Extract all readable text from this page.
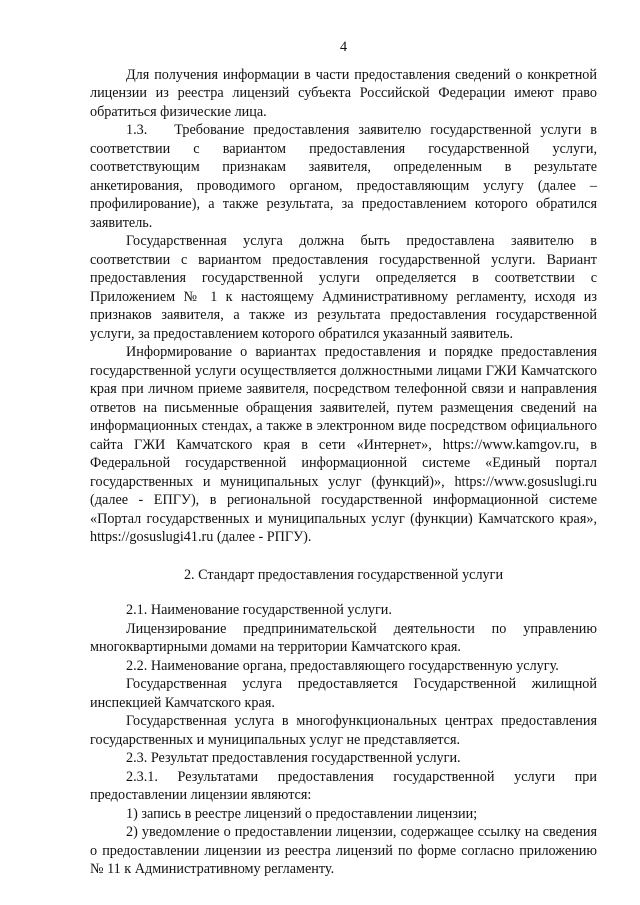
4

Для получения информации в части предоставления сведений о конкретной лицензии из реестра лицензий субъекта Российской Федерации имеют право обратиться физические лица.

1.3.   Требование предоставления заявителю государственной услуги в соответствии с вариантом предоставления государственной услуги, соответствующим признакам заявителя, определенным в результате анкетирования, проводимого органом, предоставляющим услугу (далее – профилирование), а также результата, за предоставлением которого обратился заявитель.

Государственная услуга должна быть предоставлена заявителю в соответствии с вариантом предоставления государственной услуги. Вариант предоставления государственной услуги определяется в соответствии с Приложением № 1 к настоящему Административному регламенту, исходя из признаков заявителя, а также из результата предоставления государственной услуги, за предоставлением которого обратился указанный заявитель.

Информирование о вариантах предоставления и порядке предоставления государственной услуги осуществляется должностными лицами ГЖИ Камчатского края при личном приеме заявителя, посредством телефонной связи и направления ответов на письменные обращения заявителей, путем размещения сведений на информационных стендах, а также в электронном виде посредством официального сайта ГЖИ Камчатского края в сети «Интернет», https://www.kamgov.ru, в Федеральной государственной информационной системе «Единый портал государственных и муниципальных услуг (функций)», https://www.gosuslugi.ru (далее - ЕПГУ), в региональной государственной информационной системе «Портал государственных и муниципальных услуг (функции) Камчатского края», https://gosuslugi41.ru (далее - РПГУ).

2. Стандарт предоставления государственной услуги

2.1. Наименование государственной услуги.

Лицензирование предпринимательской деятельности по управлению многоквартирными домами на территории Камчатского края.

2.2. Наименование органа, предоставляющего государственную услугу.

Государственная услуга предоставляется Государственной жилищной инспекцией Камчатского края.

Государственная услуга в многофункциональных центрах предоставления государственных и муниципальных услуг не представляется.

2.3. Результат предоставления государственной услуги.

2.3.1. Результатами предоставления государственной услуги при предоставлении лицензии являются:

1) запись в реестре лицензий о предоставлении лицензии;

2) уведомление о предоставлении лицензии, содержащее ссылку на сведения о предоставлении лицензии из реестра лицензий по форме согласно приложению № 11 к Административному регламенту.
